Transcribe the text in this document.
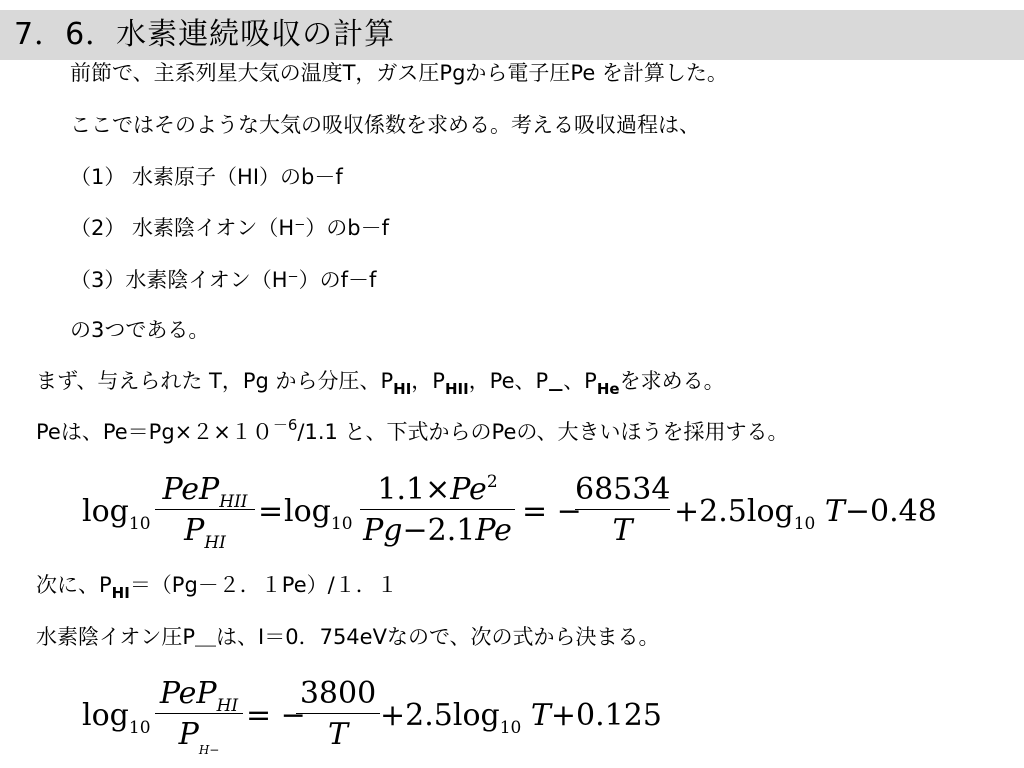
7．6．水素連続吸収の計算
前節で、主系列星大気の温度T，ガス圧Pgから電子圧Pe を計算した。
ここではそのような大気の吸収係数を求める。考える吸収過程は、
（1） 水素原子（HI）のb－f
（2） 水素陰イオン（H⁻）のb－f
（3）水素陰イオン（H⁻）のf－f
の3つである。
まず、与えられた T，Pg から分圧、$P_{HI}$，$P_{HII}$，Pe、$P_—$、$P_{He}$を求める。
Peは、$Pe=Pg\times 2\times 10^{-6}/1.1$ と、下式からのPeの、大きいほうを採用する。
$\log_{10}$
PeP$_{HII}$
$P_{HI}$
= $\log_{10}$
$1.1\times Pe^2$
Pg−2.1Pe
= −
68534
T
$+2.5\log_{10}$ T−0.48
次に、$P_{HI}=(Pg-2$．１Pe）/１．１
水素陰イオン圧P＿は、I＝0．754eVなので、次の式から決まる。
$\log_{10}$
PeP$_{HI}$
$P_{H-}$
= −
3800
T
$+2.5\log_{10}$ T+0.125
